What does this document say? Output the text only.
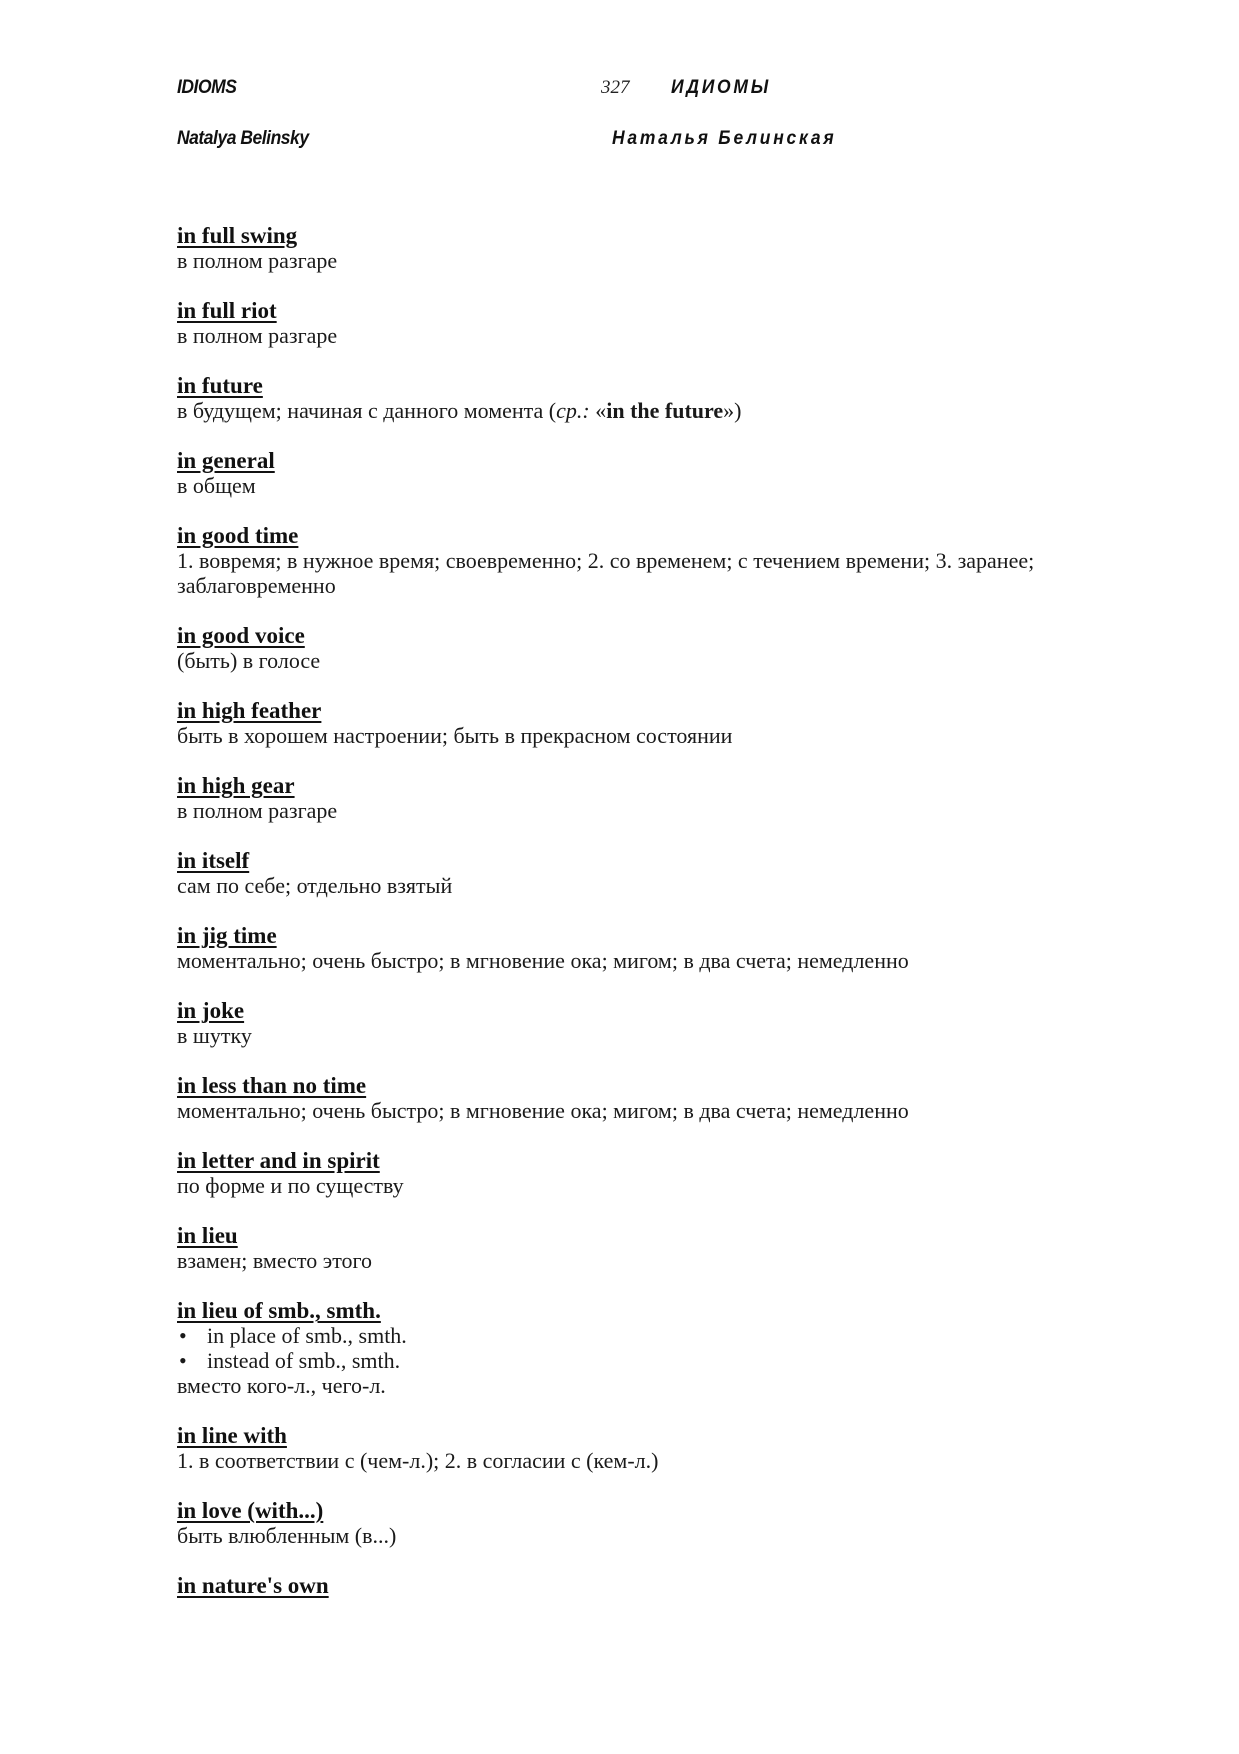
IDIOMS	327 ИДИОМЫ
Natalya Belinsky	Наталья Белинская
in full swing

в полном разгаре

in full riot

в полном разгаре

in future

в будущем; начиная с данного момента (ср.: «in the future»)

in general

в общем

in good time

1. вовремя; в нужное время; своевременно; 2. со временем; с течением времени; 3. заранее; заблаговременно

in good voice

(быть) в голосе

in high feather

быть в хорошем настроении; быть в прекрасном состоянии

in high gear

в полном разгаре

in itself

сам по себе; отдельно взятый

in jig time

моментально; очень быстро; в мгновение ока; мигом; в два счета; немедленно

in joke

в шутку

in less than no time

моментально; очень быстро; в мгновение ока; мигом; в два счета; немедленно

in letter and in spirit

по форме и по существу

in lieu

взамен; вместо этого

in lieu of smb., smth.
• in place of smb., smth.
• instead of smb., smth.

вместо кого-л., чего-л.

in line with

1. в соответствии с (чем-л.); 2. в согласии с (кем-л.)

in love (with...)

быть влюбленным (в...)

in nature's own
